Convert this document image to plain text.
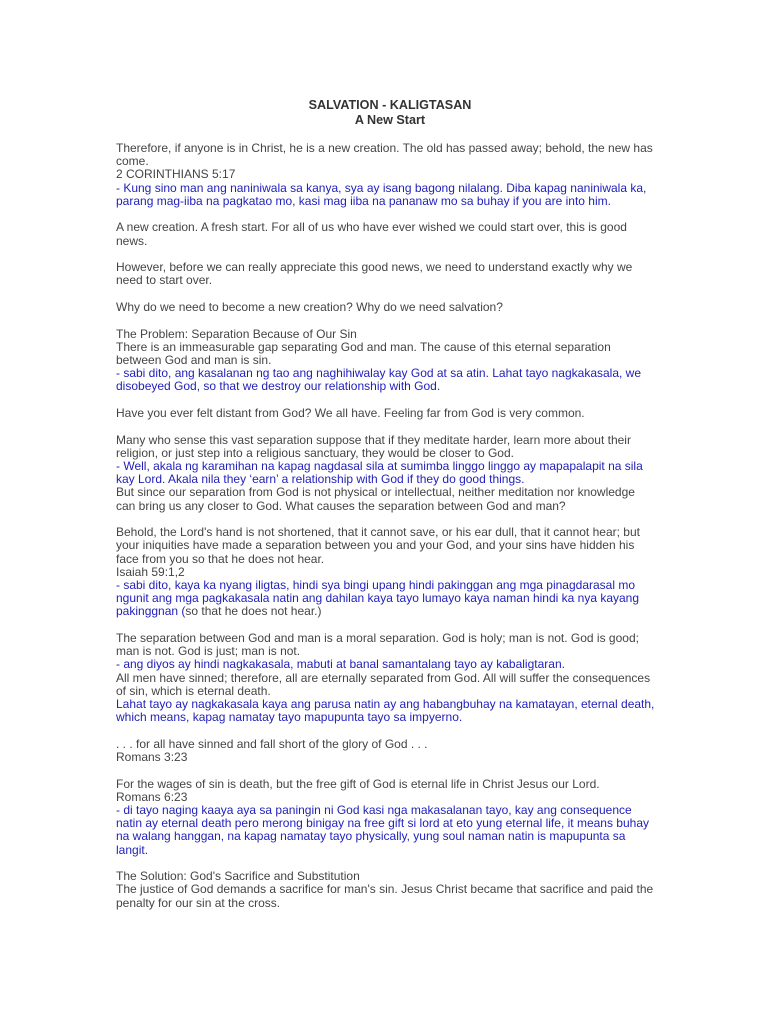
SALVATION - KALIGTASAN
A New Start

Therefore, if anyone is in Christ, he is a new creation. The old has passed away; behold, the new has come.
2 CORINTHIANS 5:17
- Kung sino man ang naniniwala sa kanya, sya ay isang bagong nilalang. Diba kapag naniniwala ka, parang mag-iiba na pagkatao mo, kasi mag iiba na pananaw mo sa buhay if you are into him.

A new creation. A fresh start. For all of us who have ever wished we could start over, this is good news.

However, before we can really appreciate this good news, we need to understand exactly why we need to start over.

Why do we need to become a new creation? Why do we need salvation?

The Problem: Separation Because of Our Sin
There is an immeasurable gap separating God and man. The cause of this eternal separation between God and man is sin.
- sabi dito, ang kasalanan ng tao ang naghihiwalay kay God at sa atin. Lahat tayo nagkakasala, we disobeyed God, so that we destroy our relationship with God.

Have you ever felt distant from God? We all have. Feeling far from God is very common.

Many who sense this vast separation suppose that if they meditate harder, learn more about their religion, or just step into a religious sanctuary, they would be closer to God.
- Well, akala ng karamihan na kapag nagdasal sila at sumimba linggo linggo ay mapapalapit na sila kay Lord. Akala nila they ‘earn’ a relationship with God if they do good things.
But since our separation from God is not physical or intellectual, neither meditation nor knowledge can bring us any closer to God. What causes the separation between God and man?

Behold, the Lord's hand is not shortened, that it cannot save, or his ear dull, that it cannot hear; but your iniquities have made a separation between you and your God, and your sins have hidden his face from you so that he does not hear.
Isaiah 59:1,2
- sabi dito, kaya ka nyang iligtas, hindi sya bingi upang hindi pakinggan ang mga pinagdarasal mo ngunit ang mga pagkakasala natin ang dahilan kaya tayo lumayo kaya naman hindi ka nya kayang pakinggnan (so that he does not hear.)

The separation between God and man is a moral separation. God is holy; man is not. God is good; man is not. God is just; man is not.
- ang diyos ay hindi nagkakasala, mabuti at banal samantalang tayo ay kabaligtaran.
All men have sinned; therefore, all are eternally separated from God. All will suffer the consequences of sin, which is eternal death.
Lahat tayo ay nagkakasala kaya ang parusa natin ay ang habangbuhay na kamatayan, eternal death, which means, kapag namatay tayo mapupunta tayo sa impyerno.

. . . for all have sinned and fall short of the glory of God . . .
Romans 3:23

For the wages of sin is death, but the free gift of God is eternal life in Christ Jesus our Lord.
Romans 6:23
- di tayo naging kaaya aya sa paningin ni God kasi nga makasalanan tayo, kay ang consequence natin ay eternal death pero merong binigay na free gift si lord at eto yung eternal life, it means buhay na walang hanggan, na kapag namatay tayo physically, yung soul naman natin is mapupunta sa langit.

The Solution: God's Sacrifice and Substitution
The justice of God demands a sacrifice for man's sin. Jesus Christ became that sacrifice and paid the penalty for our sin at the cross.
